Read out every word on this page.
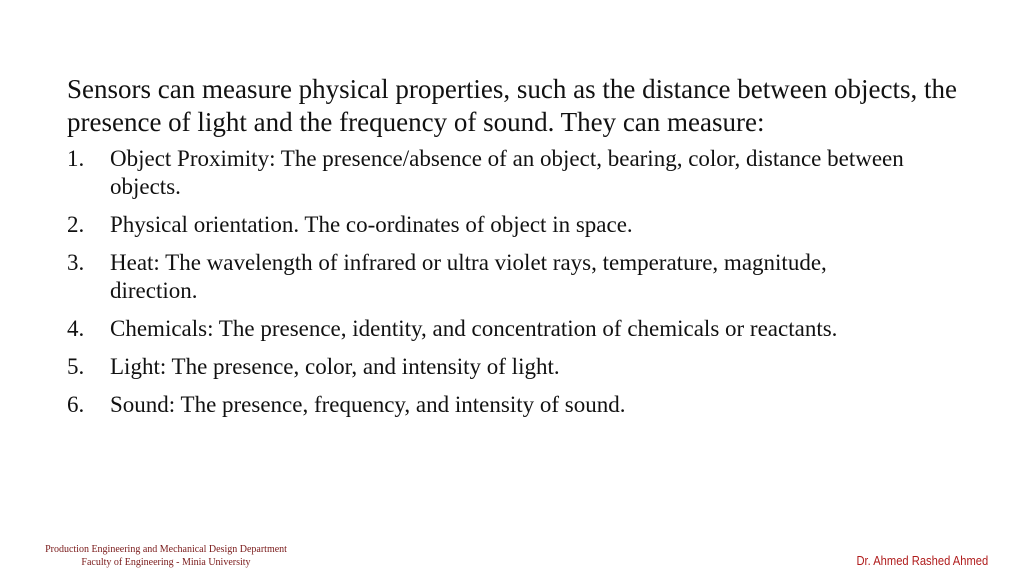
Sensors can measure physical properties, such as the distance between objects, the presence of light and the frequency of sound. They can measure:

1.	Object Proximity: The presence/absence of an object, bearing, color, distance between objects.
2.	Physical orientation. The co-ordinates of object in space.
3.	Heat: The wavelength of infrared or ultra violet rays, temperature, magnitude, direction.
4.	Chemicals: The presence, identity, and concentration of chemicals or reactants.
5.	Light: The presence, color, and intensity of light.
6.	Sound: The presence, frequency, and intensity of sound.
Production Engineering and Mechanical Design Department
Faculty of Engineering - Minia University	Dr. Ahmed Rashed Ahmed
